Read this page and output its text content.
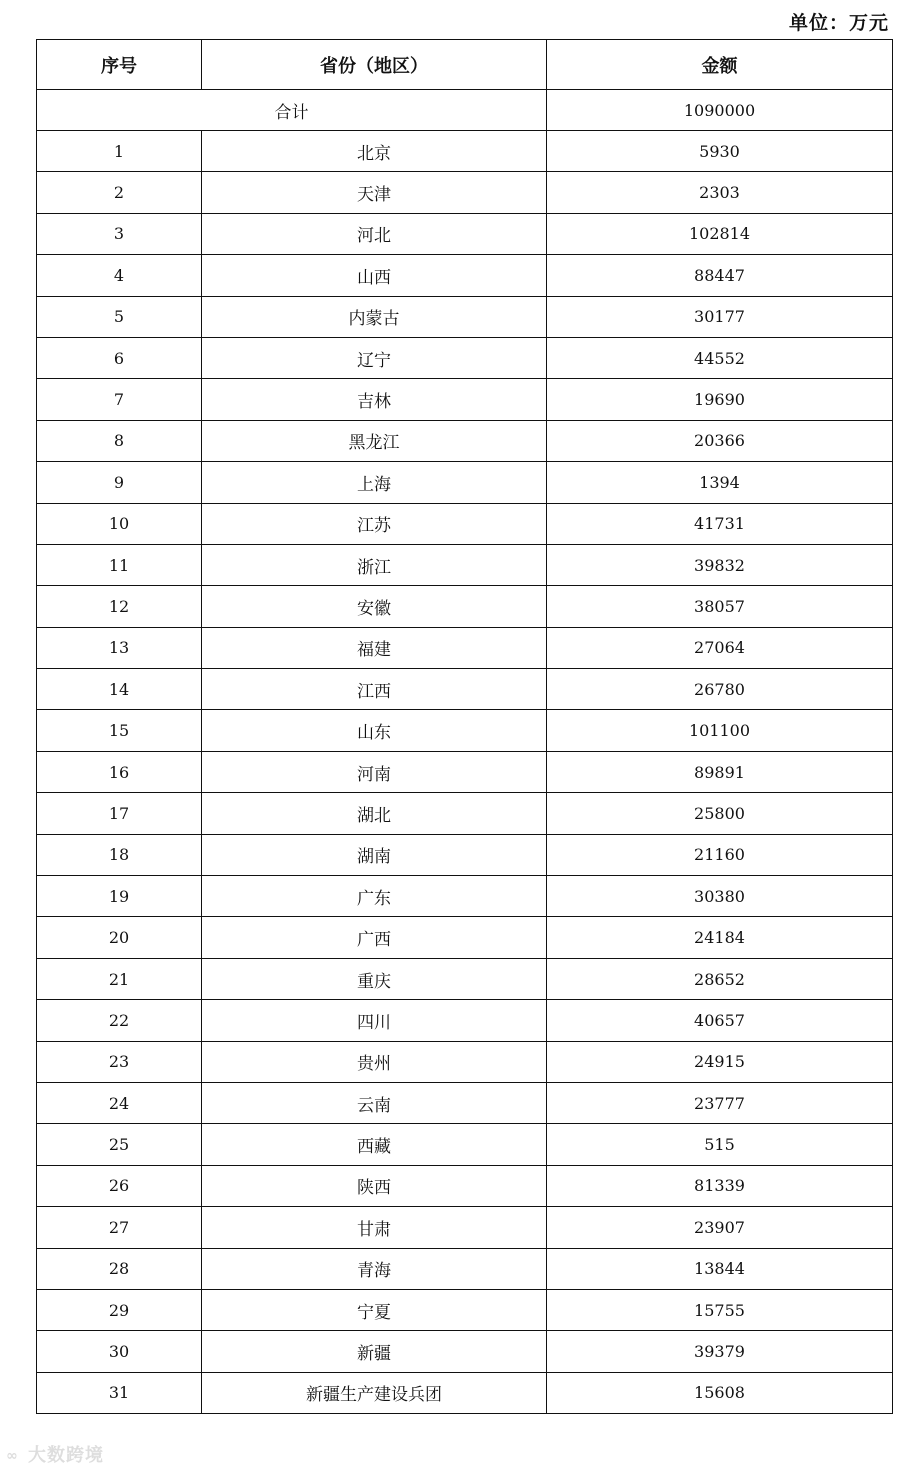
单位：万元
序号	省份（地区）	金额
合计		1090000
1	北京	5930
2	天津	2303
3	河北	102814
4	山西	88447
5	内蒙古	30177
6	辽宁	44552
7	吉林	19690
8	黑龙江	20366
9	上海	1394
10	江苏	41731
11	浙江	39832
12	安徽	38057
13	福建	27064
14	江西	26780
15	山东	101100
16	河南	89891
17	湖北	25800
18	湖南	21160
19	广东	30380
20	广西	24184
21	重庆	28652
22	四川	40657
23	贵州	24915
24	云南	23777
25	西藏	515
26	陕西	81339
27	甘肃	23907
28	青海	13844
29	宁夏	15755
30	新疆	39379
31	新疆生产建设兵团	15608
∞ 大数跨境
